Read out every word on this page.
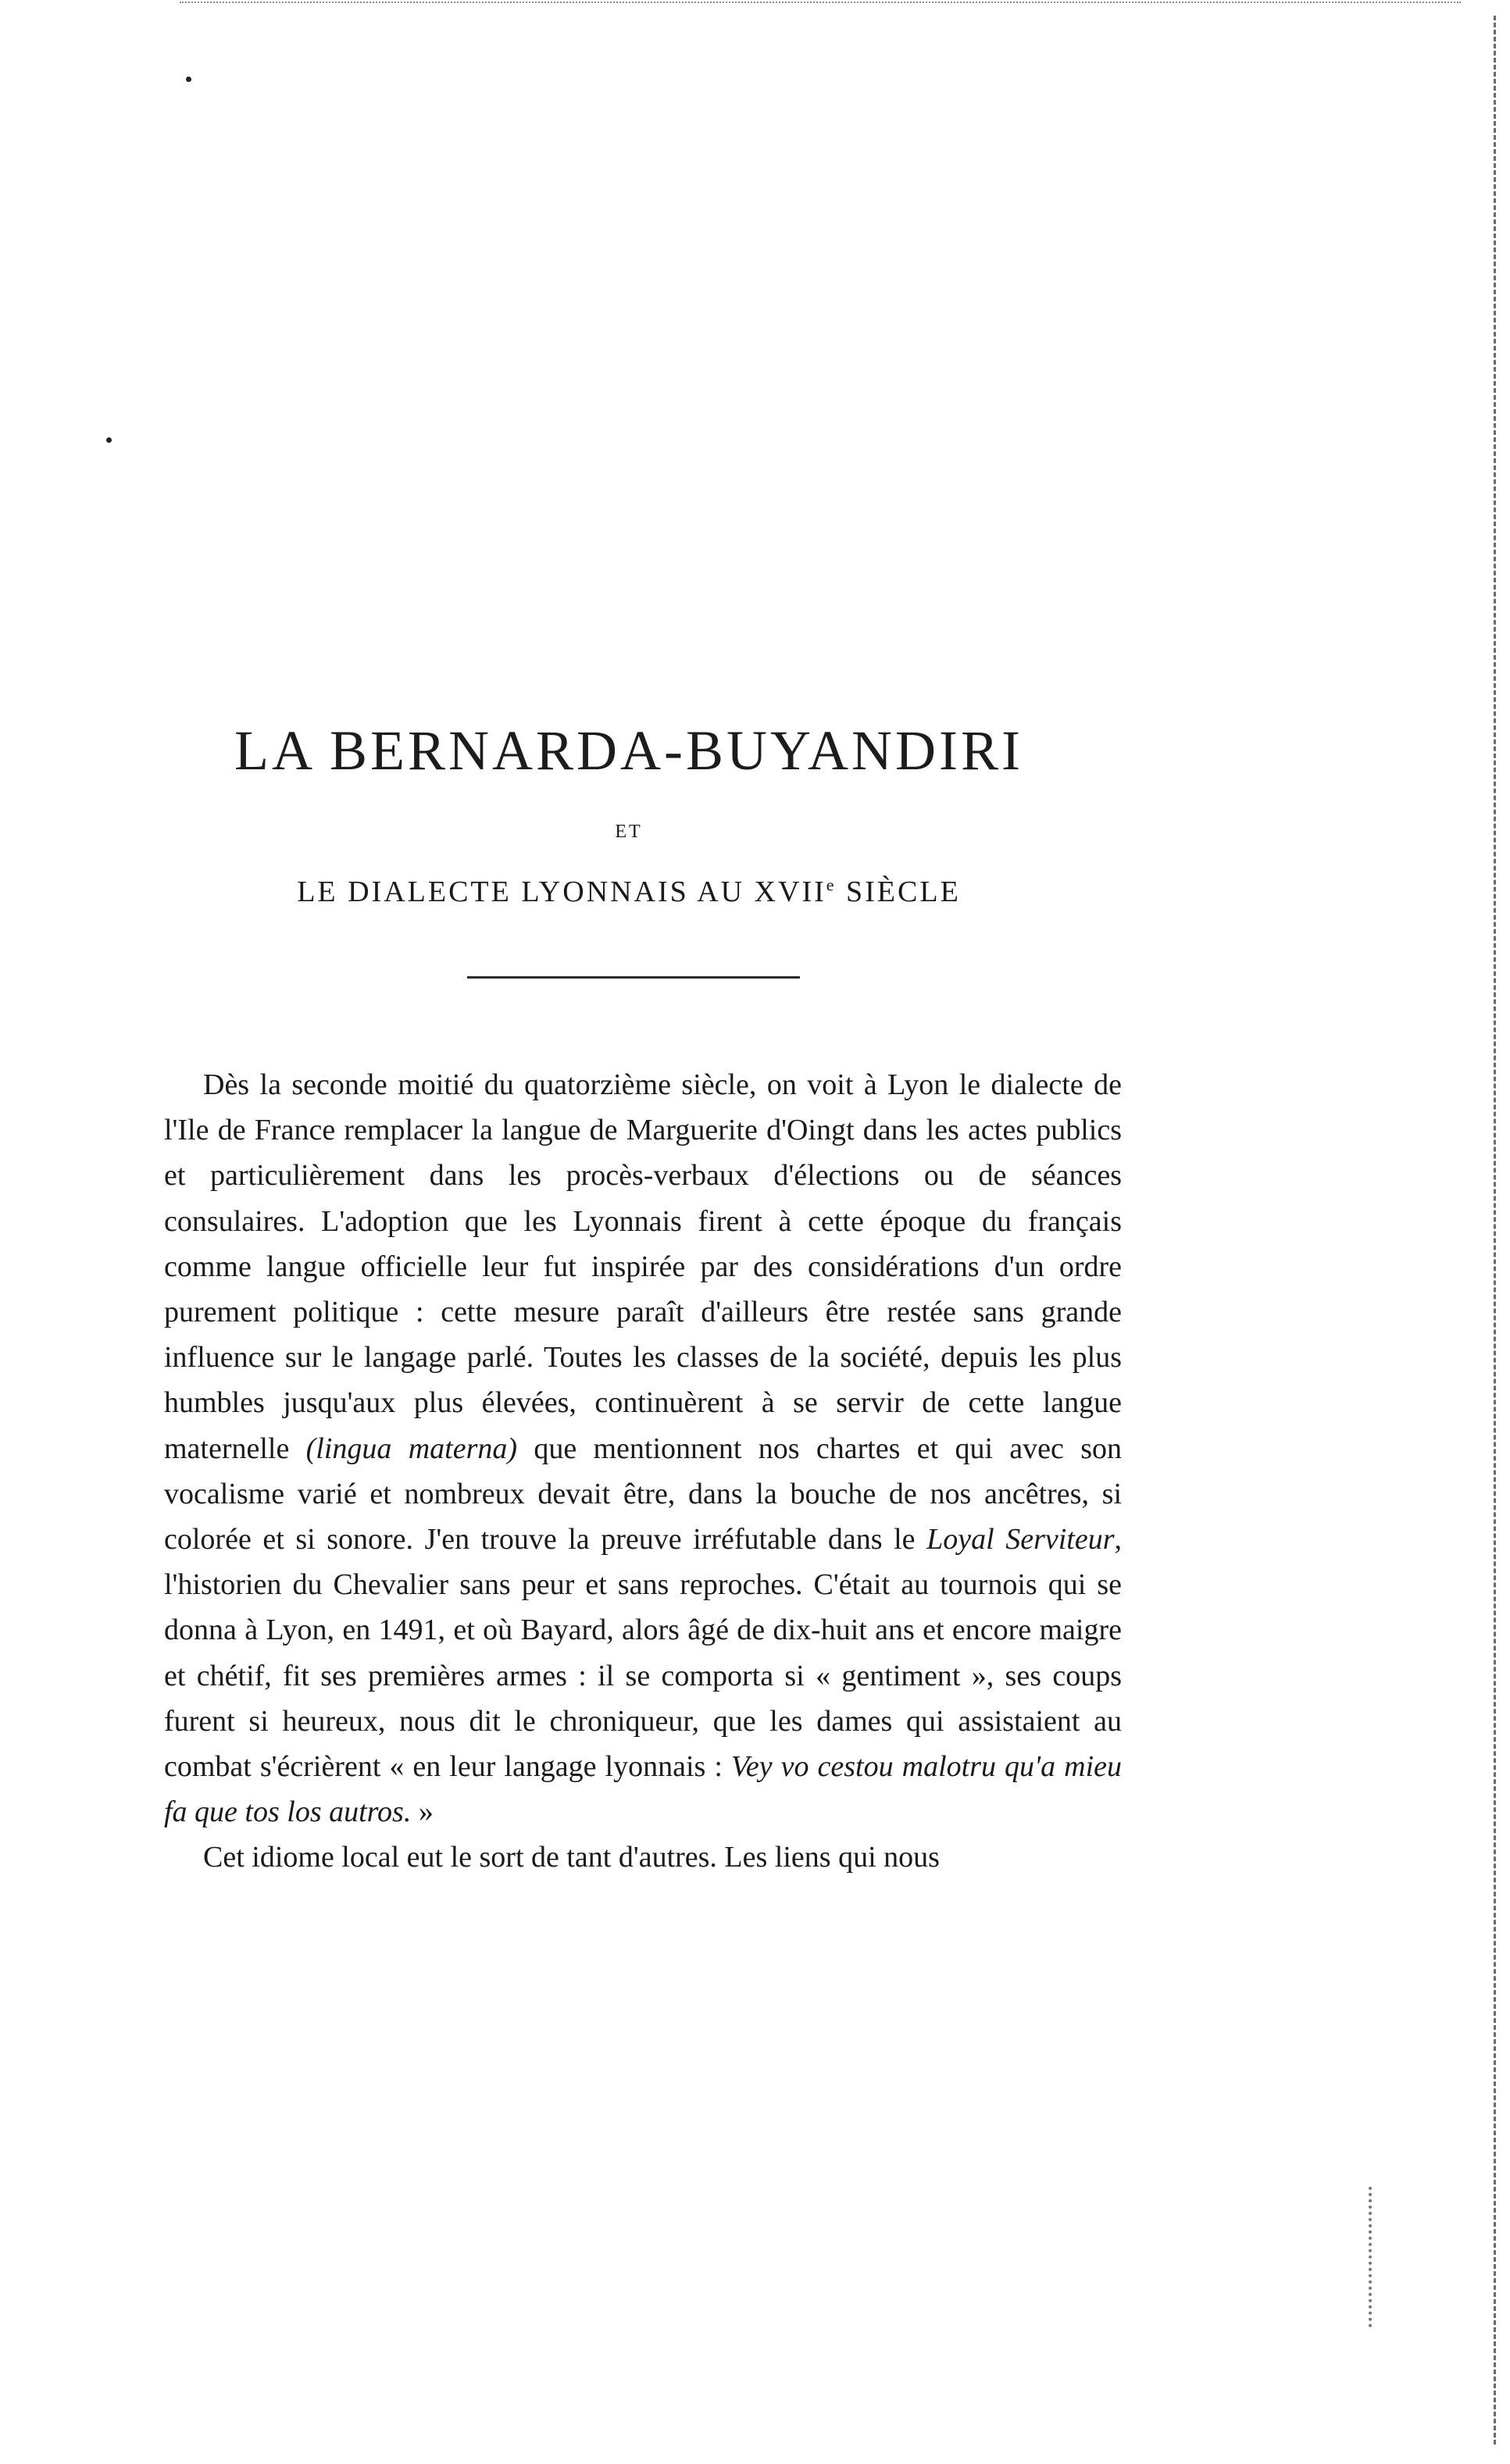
LA BERNARDA-BUYANDIRI
ET
LE DIALECTE LYONNAIS AU XVIIe SIÈCLE

Dès la seconde moitié du quatorzième siècle, on voit à Lyon le dialecte de l'Ile de France remplacer la langue de Marguerite d'Oingt dans les actes publics et particulièrement dans les procès-verbaux d'élections ou de séances consulaires. L'adoption que les Lyonnais firent à cette époque du français comme langue officielle leur fut inspirée par des considérations d'un ordre purement politique : cette mesure paraît d'ailleurs être restée sans grande influence sur le langage parlé. Toutes les classes de la société, depuis les plus humbles jusqu'aux plus élevées, continuèrent à se servir de cette langue maternelle (lingua materna) que mentionnent nos chartes et qui avec son vocalisme varié et nombreux devait être, dans la bouche de nos ancêtres, si colorée et si sonore. J'en trouve la preuve irréfutable dans le Loyal Serviteur, l'historien du Chevalier sans peur et sans reproches. C'était au tournois qui se donna à Lyon, en 1491, et où Bayard, alors âgé de dix-huit ans et encore maigre et chétif, fit ses premières armes : il se comporta si « gentiment », ses coups furent si heureux, nous dit le chroniqueur, que les dames qui assistaient au combat s'écrièrent « en leur langage lyonnais : Vey vo cestou malotru qu'a mieu fa que tos los autros. »

Cet idiome local eut le sort de tant d'autres. Les liens qui nous
